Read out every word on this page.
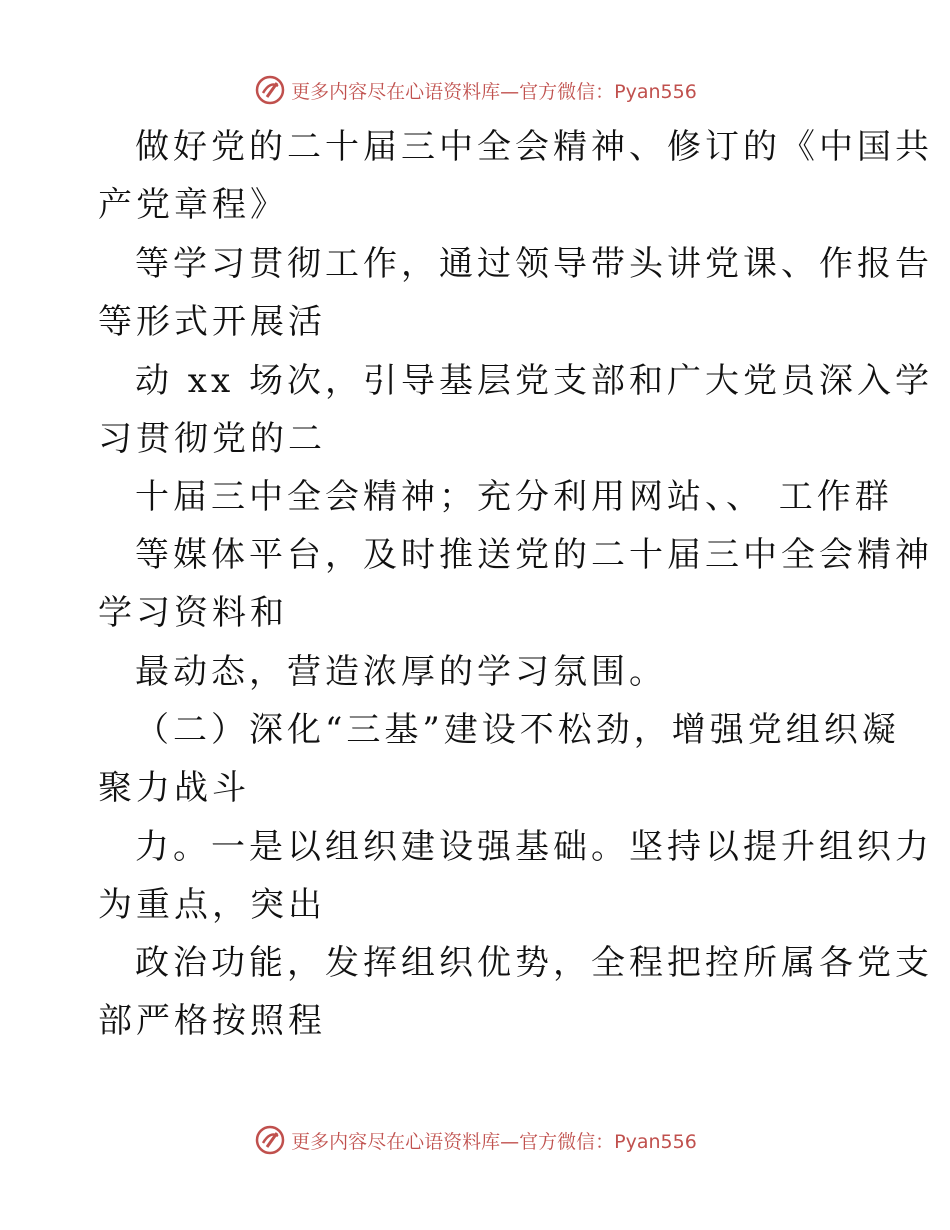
更多内容尽在心语资料库—官方微信：Pyan556
做好党的二十届三中全会精神、修订的《中国共
产党章程》
等学习贯彻工作，通过领导带头讲党课、作报告
等形式开展活
动 xx 场次，引导基层党支部和广大党员深入学
习贯彻党的二
十届三中全会精神；充分利用网站、、 工作群
等媒体平台，及时推送党的二十届三中全会精神
学习资料和
最动态，营造浓厚的学习氛围。
（二）深化“三基”建设不松劲，增强党组织凝
聚力战斗
力。一是以组织建设强基础。坚持以提升组织力
为重点，突出
政治功能，发挥组织优势，全程把控所属各党支
部严格按照程
更多内容尽在心语资料库—官方微信：Pyan556
